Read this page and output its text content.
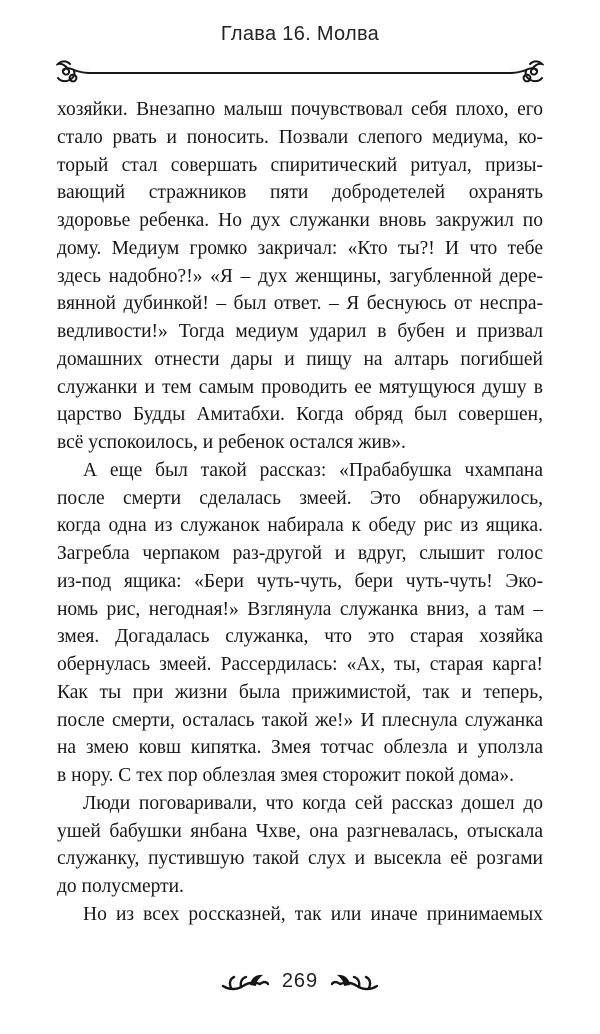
Глава 16. Молва
хозяйки. Внезапно малыш почувствовал себя плохо, его
стало рвать и поносить. Позвали слепого медиума, ко-
торый стал совершать спиритический ритуал, призы-
вающий стражников пяти добродетелей охранять
здоровье ребенка. Но дух служанки вновь закружил по
дому. Медиум громко закричал: «Кто ты?! И что тебе
здесь надобно?!» «Я – дух женщины, загубленной дере-
вянной дубинкой! – был ответ. – Я беснуюсь от неспра-
ведливости!» Тогда медиум ударил в бубен и призвал
домашних отнести дары и пищу на алтарь погибшей
служанки и тем самым проводить ее мятущуюся душу в
царство Будды Амитабхи. Когда обряд был совершен,
всё успокоилось, и ребенок остался жив».
А еще был такой рассказ: «Прабабушка чхампана
после смерти сделалась змеей. Это обнаружилось,
когда одна из служанок набирала к обеду рис из ящика.
Загребла черпаком раз-другой и вдруг, слышит голос
из-под ящика: «Бери чуть-чуть, бери чуть-чуть! Эко-
номь рис, негодная!» Взглянула служанка вниз, а там –
змея. Догадалась служанка, что это старая хозяйка
обернулась змеей. Рассердилась: «Ах, ты, старая карга!
Как ты при жизни была прижимистой, так и теперь,
после смерти, осталась такой же!» И плеснула служанка
на змею ковш кипятка. Змея тотчас облезла и уползла
в нору. С тех пор облезлая змея сторожит покой дома».
Люди поговаривали, что когда сей рассказ дошел до
ушей бабушки янбана Чхве, она разгневалась, отыскала
служанку, пустившую такой слух и высекла её розгами
до полусмерти.
Но из всех россказней, так или иначе принимаемых
269
